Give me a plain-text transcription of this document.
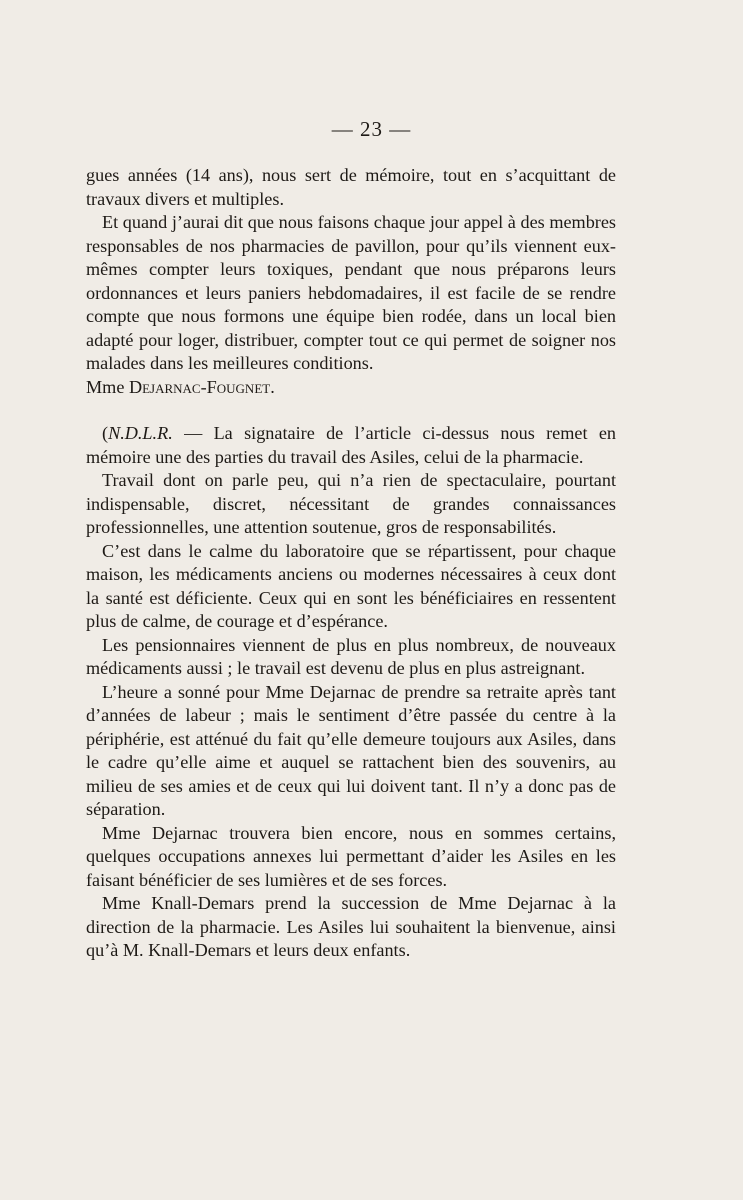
— 23 —

gues années (14 ans), nous sert de mémoire, tout en s’acquittant de travaux divers et multiples.

Et quand j’aurai dit que nous faisons chaque jour appel à des membres responsables de nos pharmacies de pavillon, pour qu’ils viennent eux-mêmes compter leurs toxiques, pendant que nous préparons leurs ordonnances et leurs paniers hebdomadaires, il est facile de se rendre compte que nous formons une équipe bien rodée, dans un local bien adapté pour loger, distribuer, compter tout ce qui permet de soigner nos malades dans les meilleures conditions.

Mme Dejarnac-Fougnet.

(N.D.L.R. — La signataire de l’article ci-dessus nous remet en mémoire une des parties du travail des Asiles, celui de la pharmacie.

Travail dont on parle peu, qui n’a rien de spectaculaire, pourtant indispensable, discret, nécessitant de grandes connaissances professionnelles, une attention soutenue, gros de responsabilités.

C’est dans le calme du laboratoire que se répartissent, pour chaque maison, les médicaments anciens ou modernes nécessaires à ceux dont la santé est déficiente. Ceux qui en sont les bénéficiaires en ressentent plus de calme, de courage et d’espérance.

Les pensionnaires viennent de plus en plus nombreux, de nouveaux médicaments aussi ; le travail est devenu de plus en plus astreignant.

L’heure a sonné pour Mme Dejarnac de prendre sa retraite après tant d’années de labeur ; mais le sentiment d’être passée du centre à la périphérie, est atténué du fait qu’elle demeure toujours aux Asiles, dans le cadre qu’elle aime et auquel se rattachent bien des souvenirs, au milieu de ses amies et de ceux qui lui doivent tant. Il n’y a donc pas de séparation.

Mme Dejarnac trouvera bien encore, nous en sommes certains, quelques occupations annexes lui permettant d’aider les Asiles en les faisant bénéficier de ses lumières et de ses forces.

Mme Knall-Demars prend la succession de Mme Dejarnac à la direction de la pharmacie. Les Asiles lui souhaitent la bienvenue, ainsi qu’à M. Knall-Demars et leurs deux enfants.
